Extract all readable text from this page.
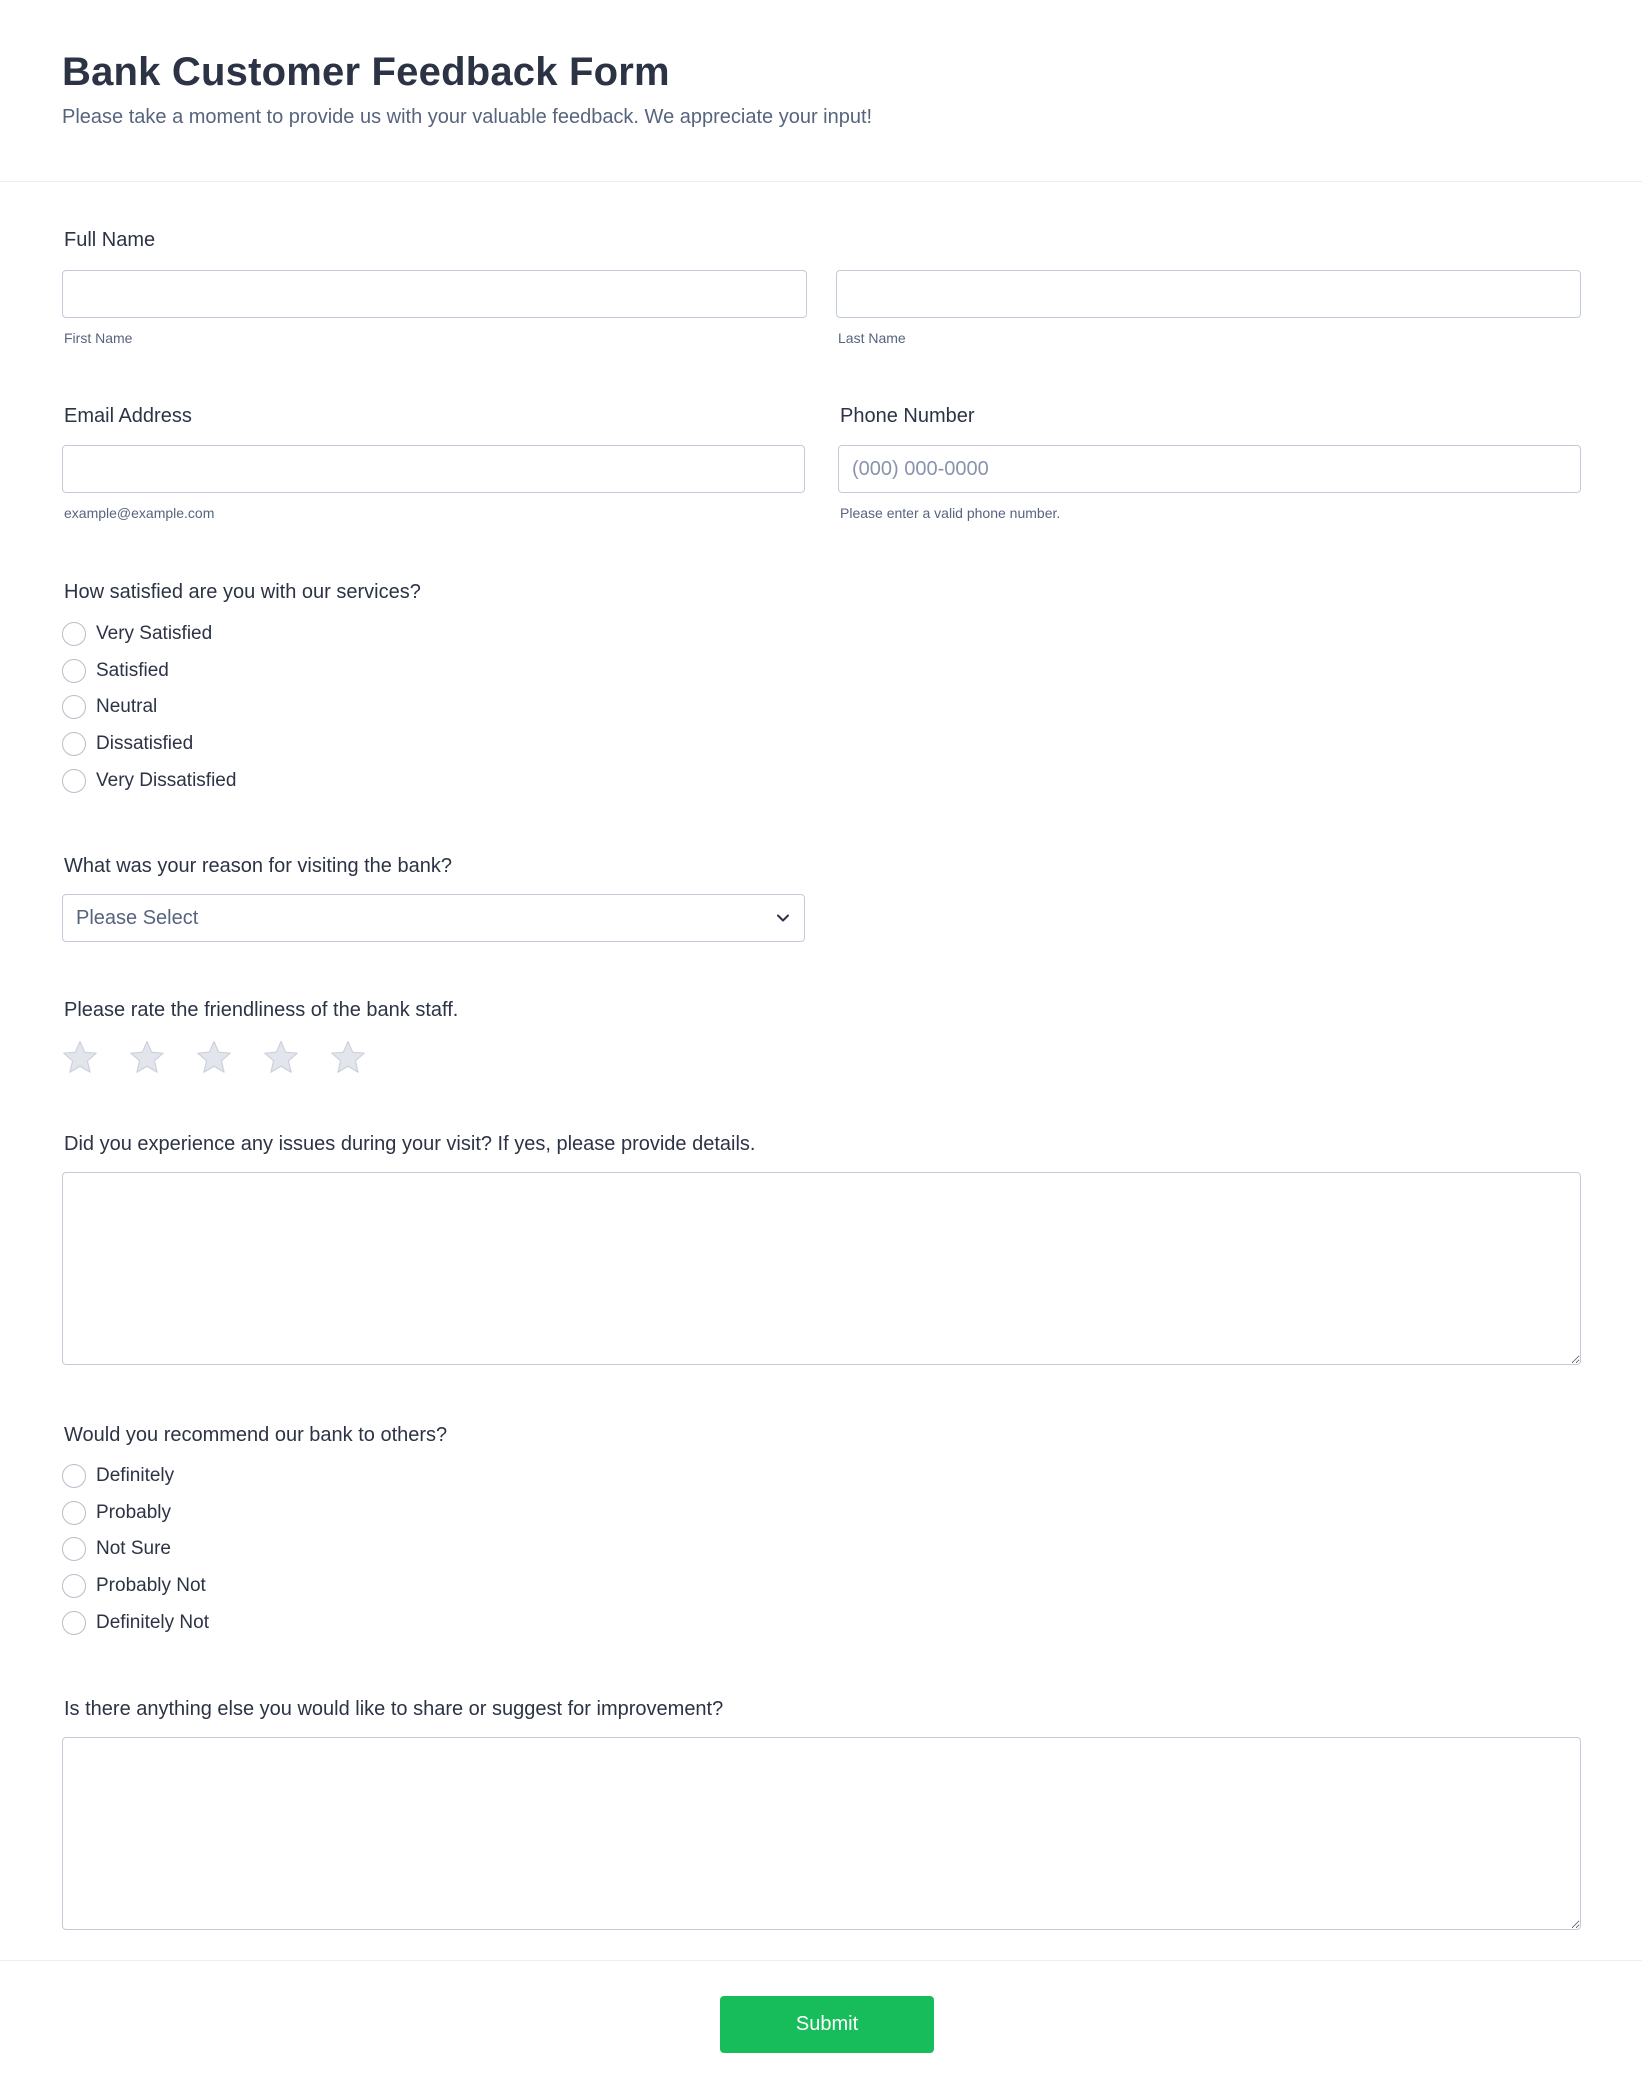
Bank Customer Feedback Form
Please take a moment to provide us with your valuable feedback. We appreciate your input!
Full Name
First Name	Last Name
Email Address
example@example.com
Phone Number
(000) 000-0000
Please enter a valid phone number.
How satisfied are you with our services?
Very Satisfied
Satisfied
Neutral
Dissatisfied
Very Dissatisfied
What was your reason for visiting the bank?
Please Select
Please rate the friendliness of the bank staff.
Did you experience any issues during your visit? If yes, please provide details.
Would you recommend our bank to others?
Definitely
Probably
Not Sure
Probably Not
Definitely Not
Is there anything else you would like to share or suggest for improvement?
Submit
